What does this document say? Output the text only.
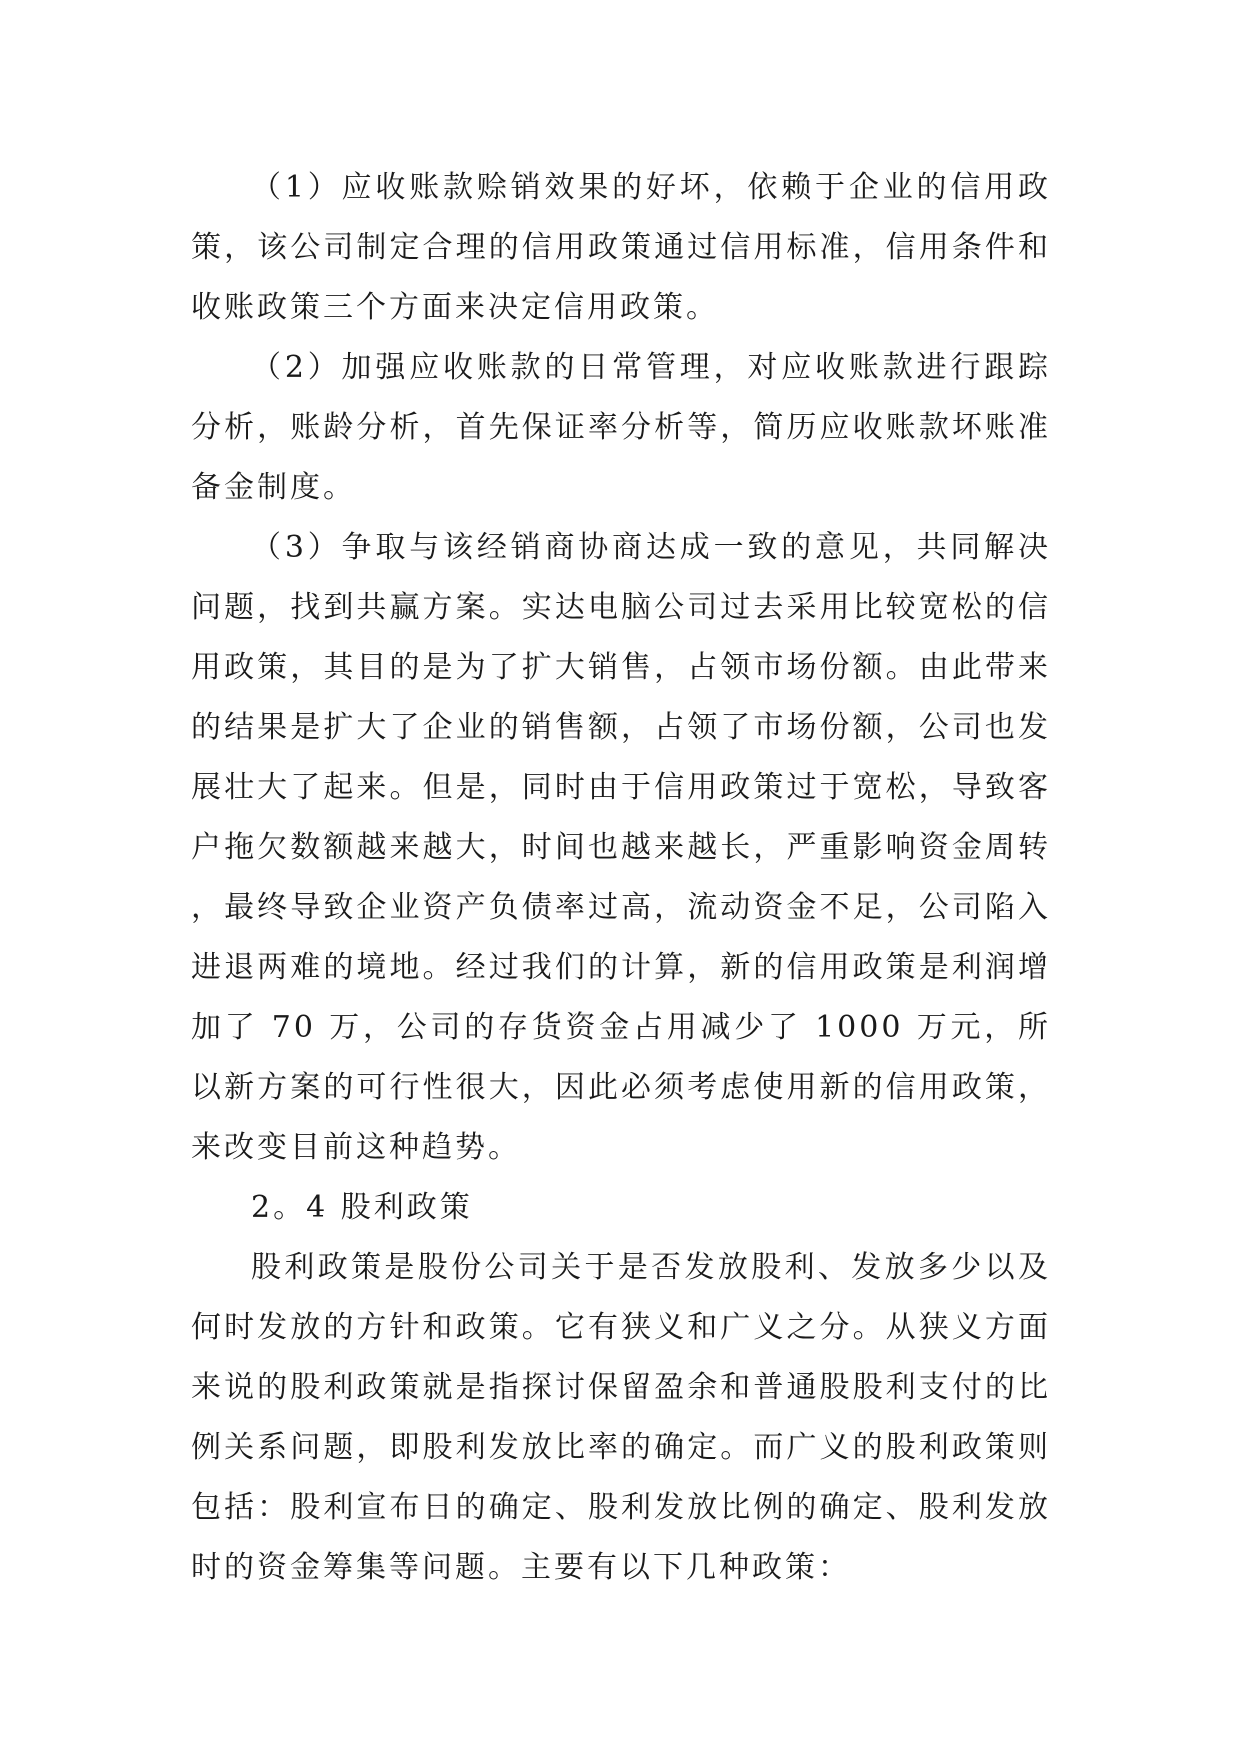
（1）应收账款赊销效果的好坏，依赖于企业的信用政策，该公司制定合理的信用政策通过信用标准，信用条件和收账政策三个方面来决定信用政策。

（2）加强应收账款的日常管理，对应收账款进行跟踪分析，账龄分析，首先保证率分析等，简历应收账款坏账准备金制度。

（3）争取与该经销商协商达成一致的意见，共同解决问题，找到共赢方案。实达电脑公司过去采用比较宽松的信用政策，其目的是为了扩大销售，占领市场份额。由此带来的结果是扩大了企业的销售额，占领了市场份额，公司也发展壮大了起来。但是，同时由于信用政策过于宽松，导致客户拖欠数额越来越大，时间也越来越长，严重影响资金周转，最终导致企业资产负债率过高，流动资金不足，公司陷入进退两难的境地。经过我们的计算，新的信用政策是利润增加了 70 万，公司的存货资金占用减少了 1000 万元，所以新方案的可行性很大，因此必须考虑使用新的信用政策，来改变目前这种趋势。

2。4 股利政策

股利政策是股份公司关于是否发放股利、发放多少以及何时发放的方针和政策。它有狭义和广义之分。从狭义方面来说的股利政策就是指探讨保留盈余和普通股股利支付的比例关系问题，即股利发放比率的确定。而广义的股利政策则包括：股利宣布日的确定、股利发放比例的确定、股利发放时的资金筹集等问题。主要有以下几种政策：
